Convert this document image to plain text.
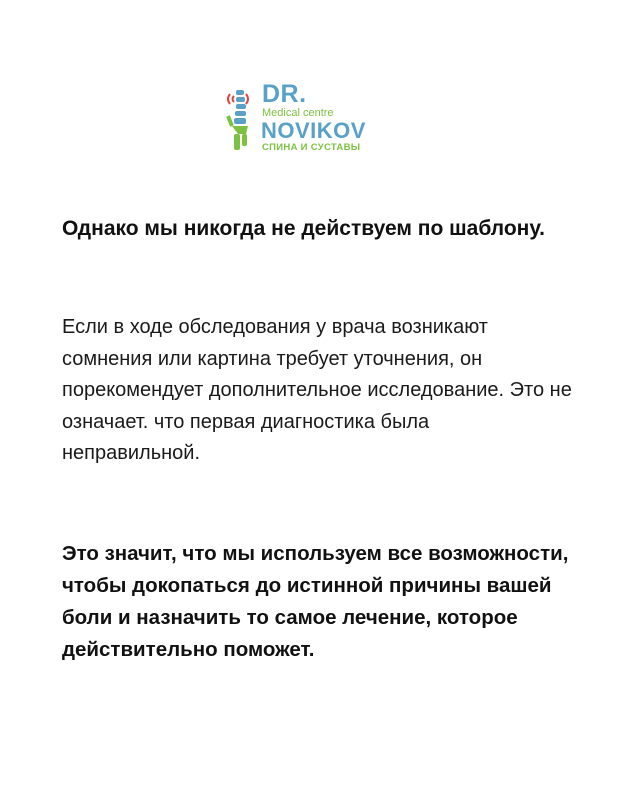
DR.
Medical centre
NOVIKOV
СПИНА И СУСТАВЫ

Однако мы никогда не действуем по шаблону.

Если в ходе обследования у врача возникают сомнения или картина требует уточнения, он порекомендует дополнительное исследование. Это не означает. что первая диагностика была неправильной.

Это значит, что мы используем все возможности, чтобы докопаться до истинной причины вашей боли и назначить то самое лечение, которое действительно поможет.
